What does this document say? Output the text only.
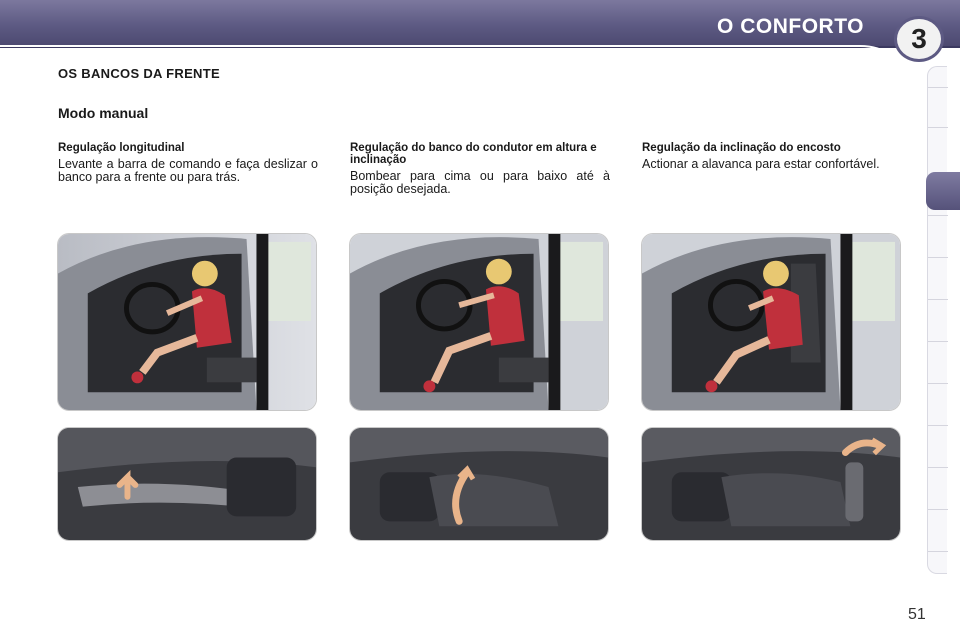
O CONFORTO	3
OS BANCOS DA FRENTE
Modo manual
Regulação longitudinal
Levante a barra de comando e faça deslizar o banco para a frente ou para trás.
Regulação do banco do condutor em altura e inclinação
Bombear para cima ou para baixo até à posição desejada.
Regulação da inclinação do encosto
Actionar a alavanca para estar confortável.
51
